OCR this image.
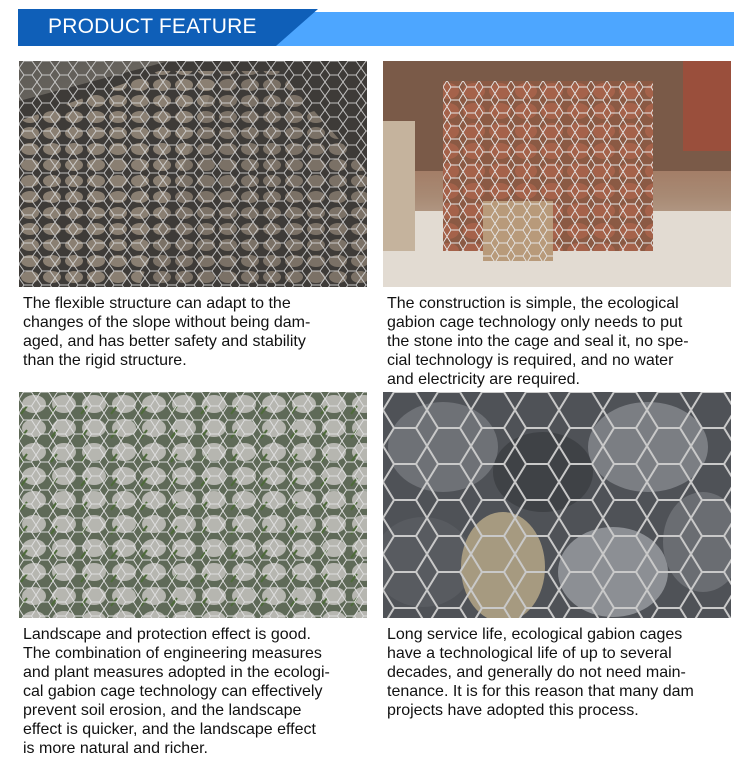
PRODUCT FEATURE

The flexible structure can adapt to the
changes of the slope without being dam-
aged, and has better safety and stability
than the rigid structure.

The construction is simple, the ecological
gabion cage technology only needs to put
the stone into the cage and seal it, no spe-
cial technology is required, and no water
and electricity are required.

Landscape and protection effect is good.
The combination of engineering measures
and plant measures adopted in the ecologi-
cal gabion cage technology can effectively
prevent soil erosion, and the landscape
effect is quicker, and the landscape effect
is more natural and richer.

Long service life, ecological gabion cages
have a technological life of up to several
decades, and generally do not need main-
tenance. It is for this reason that many dam
projects have adopted this process.
